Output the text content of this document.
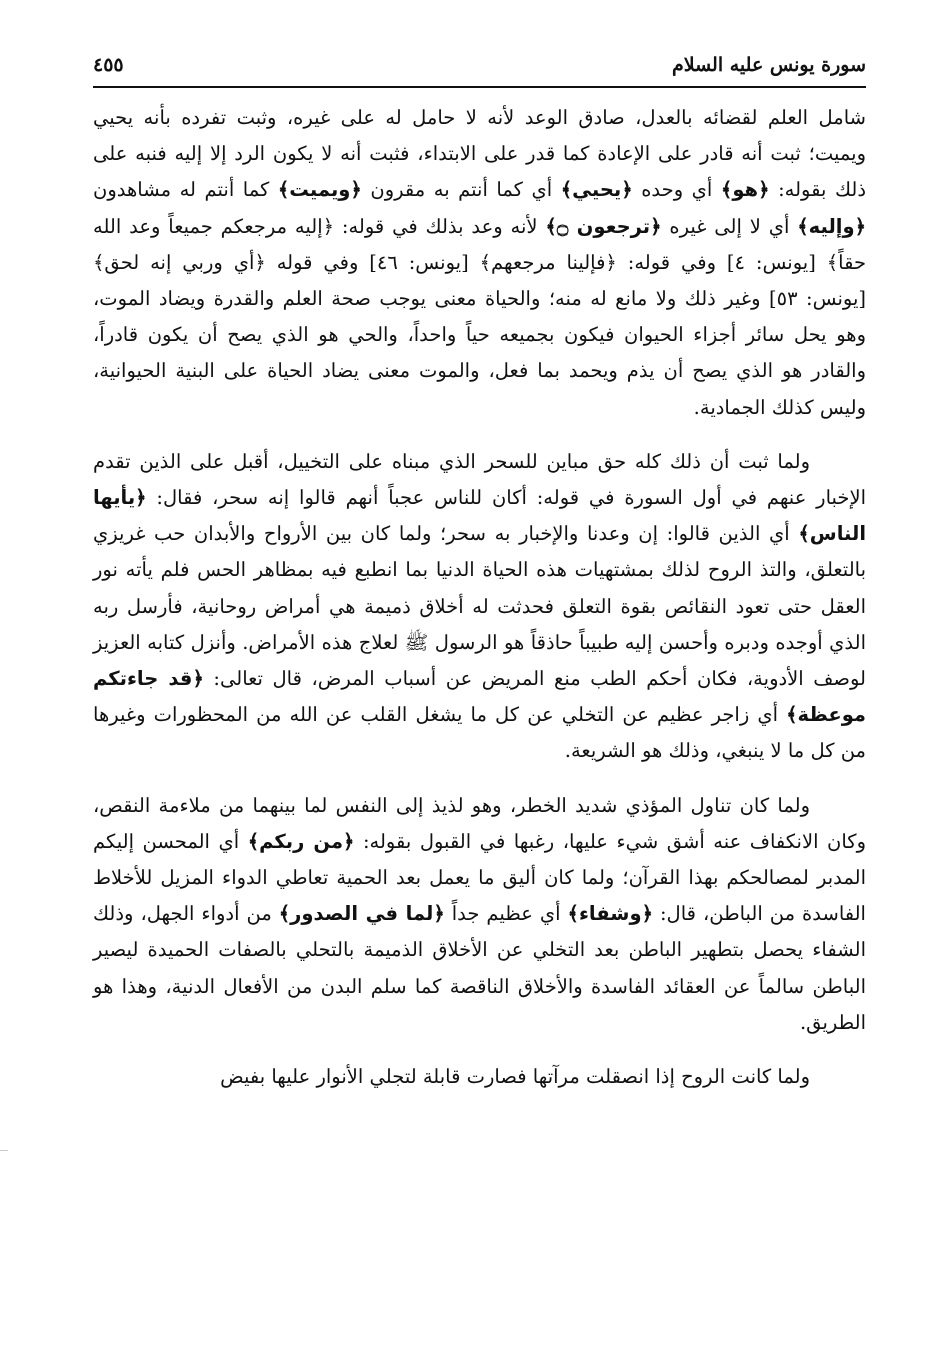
سورة يونس عليه السلام
٤٥٥

شامل العلم لقضائه بالعدل، صادق الوعد لأنه لا حامل له على غيره، وثبت تفرده بأنه يحيي ويميت؛ ثبت أنه قادر على الإعادة كما قدر على الابتداء، فثبت أنه لا يكون الرد إلا إليه فنبه على ذلك بقوله: ﴿هو﴾ أي وحده ﴿يحيي﴾ أي كما أنتم به مقرون ﴿ويميت﴾ كما أنتم له مشاهدون ﴿وإليه﴾ أي لا إلى غيره ﴿ترجعون ۝﴾ لأنه وعد بذلك في قوله: ﴿إليه مرجعكم جميعاً وعد الله حقاً﴾ [يونس: ٤] وفي قوله: ﴿فإلينا مرجعهم﴾ [يونس: ٤٦] وفي قوله ﴿أي وربي إنه لحق﴾ [يونس: ٥٣] وغير ذلك ولا مانع له منه؛ والحياة معنى يوجب صحة العلم والقدرة ويضاد الموت، وهو يحل سائر أجزاء الحيوان فيكون بجميعه حياً واحداً، والحي هو الذي يصح أن يكون قادراً، والقادر هو الذي يصح أن يذم ويحمد بما فعل، والموت معنى يضاد الحياة على البنية الحيوانية، وليس كذلك الجمادية.

ولما ثبت أن ذلك كله حق مباين للسحر الذي مبناه على التخييل، أقبل على الذين تقدم الإخبار عنهم في أول السورة في قوله: أكان للناس عجباً أنهم قالوا إنه سحر، فقال: ﴿يأيها الناس﴾ أي الذين قالوا: إن وعدنا والإخبار به سحر؛ ولما كان بين الأرواح والأبدان حب غريزي بالتعلق، والتذ الروح لذلك بمشتهيات هذه الحياة الدنيا بما انطبع فيه بمظاهر الحس فلم يأته نور العقل حتى تعود النقائص بقوة التعلق فحدثت له أخلاق ذميمة هي أمراض روحانية، فأرسل ربه الذي أوجده ودبره وأحسن إليه طبيباً حاذقاً هو الرسول ﷺ لعلاج هذه الأمراض. وأنزل كتابه العزيز لوصف الأدوية، فكان أحكم الطب منع المريض عن أسباب المرض، قال تعالى: ﴿قد جاءتكم موعظة﴾ أي زاجر عظيم عن التخلي عن كل ما يشغل القلب عن الله من المحظورات وغيرها من كل ما لا ينبغي، وذلك هو الشريعة.

ولما كان تناول المؤذي شديد الخطر، وهو لذيذ إلى النفس لما بينهما من ملاءمة النقص، وكان الانكفاف عنه أشق شيء عليها، رغبها في القبول بقوله: ﴿من ربكم﴾ أي المحسن إليكم المدبر لمصالحكم بهذا القرآن؛ ولما كان أليق ما يعمل بعد الحمية تعاطي الدواء المزيل للأخلاط الفاسدة من الباطن، قال: ﴿وشفاء﴾ أي عظيم جداً ﴿لما في الصدور﴾ من أدواء الجهل، وذلك الشفاء يحصل بتطهير الباطن بعد التخلي عن الأخلاق الذميمة بالتحلي بالصفات الحميدة ليصير الباطن سالماً عن العقائد الفاسدة والأخلاق الناقصة كما سلم البدن من الأفعال الدنية، وهذا هو الطريق.

ولما كانت الروح إذا انصقلت مرآتها فصارت قابلة لتجلي الأنوار عليها بفيض
